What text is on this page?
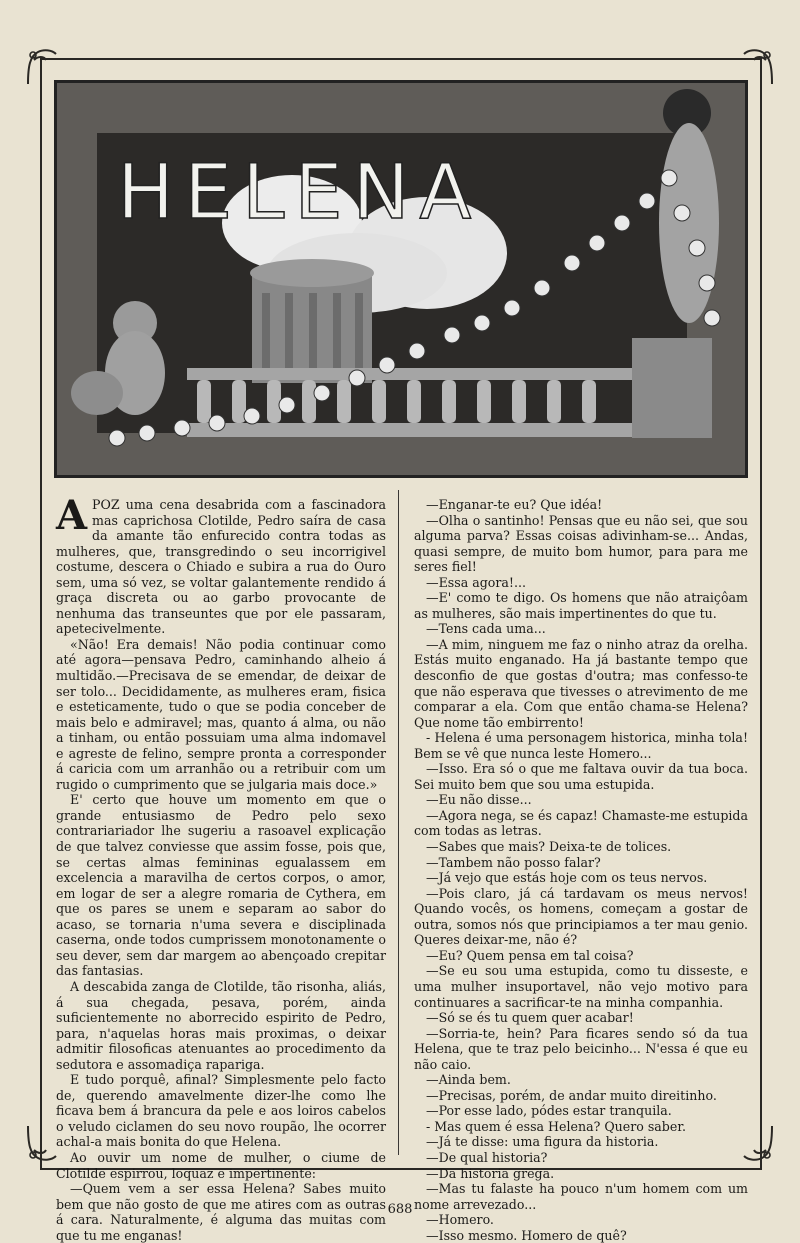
HELENA

APOZ uma cena desabrida com a fascinadora mas caprichosa Clotilde, Pedro saíra de casa da amante tão enfurecido contra todas as mulheres, que, transgredindo o seu incorrigivel costume, descera o Chiado e subira a rua do Ouro sem, uma só vez, se voltar galantemente rendido á graça discreta ou ao garbo provocante de nenhuma das transeuntes que por ele passaram, apetecivelmente.

«Não! Era demais! Não podia continuar como até agora—pensava Pedro, caminhando alheio á multidão.—Precisava de se emendar, de deixar de ser tolo... Decididamente, as mulheres eram, fisica e esteticamente, tudo o que se podia conceber de mais belo e admiravel; mas, quanto á alma, ou não a tinham, ou então possuiam uma alma indomavel e agreste de felino, sempre pronta a corresponder á caricia com um arranhão ou a retribuir com um rugido o cumprimento que se julgaria mais doce.»

E' certo que houve um momento em que o grande entusiasmo de Pedro pelo sexo contrariariador lhe sugeriu a rasoavel explicação de que talvez conviesse que assim fosse, pois que, se certas almas femininas egualassem em excelencia a maravilha de certos corpos, o amor, em logar de ser a alegre romaria de Cythera, em que os pares se unem e separam ao sabor do acaso, se tornaria n'uma severa e disciplinada caserna, onde todos cumprissem monotonamente o seu dever, sem dar margem ao abençoado crepitar das fantasias.

A descabida zanga de Clotilde, tão risonha, aliás, á sua chegada, pesava, porém, ainda suficientemente no aborrecido espirito de Pedro, para, n'aquelas horas mais proximas, o deixar admitir filosoficas atenuantes ao procedimento da sedutora e assomadiça rapariga.

E tudo porquê, afinal? Simplesmente pelo facto de, querendo amavelmente dizer-lhe como lhe ficava bem á brancura da pele e aos loiros cabelos o veludo ciclamen do seu novo roupão, lhe ocorrer achal-a mais bonita do que Helena.

Ao ouvir um nome de mulher, o ciume de Clotilde espirrou, loquaz e impertinente:

—Quem vem a ser essa Helena? Sabes muito bem que não gosto de que me atires com as outras á cara. Naturalmente, é alguma das muitas com que tu me enganas!

—Enganar-te eu? Que idéa!

—Olha o santinho! Pensas que eu não sei, que sou alguma parva? Essas coisas adivinham-se... Andas, quasi sempre, de muito bom humor, para para me seres fiel!

—Essa agora!...

—E' como te digo. Os homens que não atraiçôam as mulheres, são mais impertinentes do que tu.

—Tens cada uma...

—A mim, ninguem me faz o ninho atraz da orelha. Estás muito enganado. Ha já bastante tempo que desconfio de que gostas d'outra; mas confesso-te que não esperava que tivesses o atrevimento de me comparar a ela. Com que então chama-se Helena? Que nome tão embirrento!

- Helena é uma personagem historica, minha tola! Bem se vê que nunca leste Homero...

—Isso. Era só o que me faltava ouvir da tua boca. Sei muito bem que sou uma estupida.

—Eu não disse...

—Agora nega, se és capaz! Chamaste-me estupida com todas as letras.

—Sabes que mais? Deixa-te de tolices.

—Tambem não posso falar?

—Já vejo que estás hoje com os teus nervos.

—Pois claro, já cá tardavam os meus nervos! Quando vocês, os homens, começam a gostar de outra, somos nós que principiamos a ter mau genio. Queres deixar-me, não é?

—Eu? Quem pensa em tal coisa?

—Se eu sou uma estupida, como tu disseste, e uma mulher insuportavel, não vejo motivo para continuares a sacrificar-te na minha companhia.

—Só se és tu quem quer acabar!

—Sorria-te, hein? Para ficares sendo só da tua Helena, que te traz pelo beicinho... N'essa é que eu não caio.

—Ainda bem.

—Precisas, porém, de andar muito direitinho.

—Por esse lado, pódes estar tranquila.

- Mas quem é essa Helena? Quero saber.

—Já te disse: uma figura da historia.

—De qual historia?

—Da historia grega.

—Mas tu falaste ha pouco n'um homem com um nome arrevezado...

—Homero.

—Isso mesmo. Homero de quê?

688
